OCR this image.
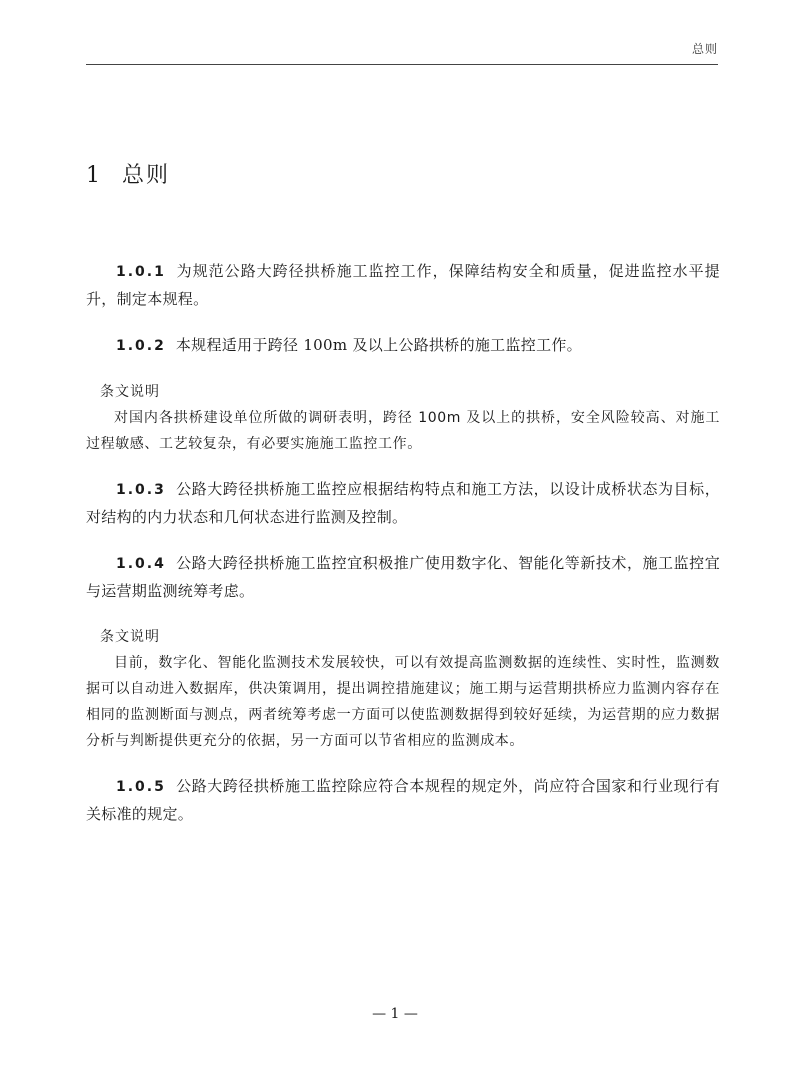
总则
1 总则

1.0.1 为规范公路大跨径拱桥施工监控工作，保障结构安全和质量，促进监控水平提升，制定本规程。

1.0.2 本规程适用于跨径 100m 及以上公路拱桥的施工监控工作。

条文说明

对国内各拱桥建设单位所做的调研表明，跨径 100m 及以上的拱桥，安全风险较高、对施工过程敏感、工艺较复杂，有必要实施施工监控工作。

1.0.3 公路大跨径拱桥施工监控应根据结构特点和施工方法，以设计成桥状态为目标，对结构的内力状态和几何状态进行监测及控制。

1.0.4 公路大跨径拱桥施工监控宜积极推广使用数字化、智能化等新技术，施工监控宜与运营期监测统筹考虑。

条文说明

目前，数字化、智能化监测技术发展较快，可以有效提高监测数据的连续性、实时性，监测数据可以自动进入数据库，供决策调用，提出调控措施建议；施工期与运营期拱桥应力监测内容存在相同的监测断面与测点，两者统筹考虑一方面可以使监测数据得到较好延续，为运营期的应力数据分析与判断提供更充分的依据，另一方面可以节省相应的监测成本。

1.0.5 公路大跨径拱桥施工监控除应符合本规程的规定外，尚应符合国家和行业现行有关标准的规定。

— 1 —
